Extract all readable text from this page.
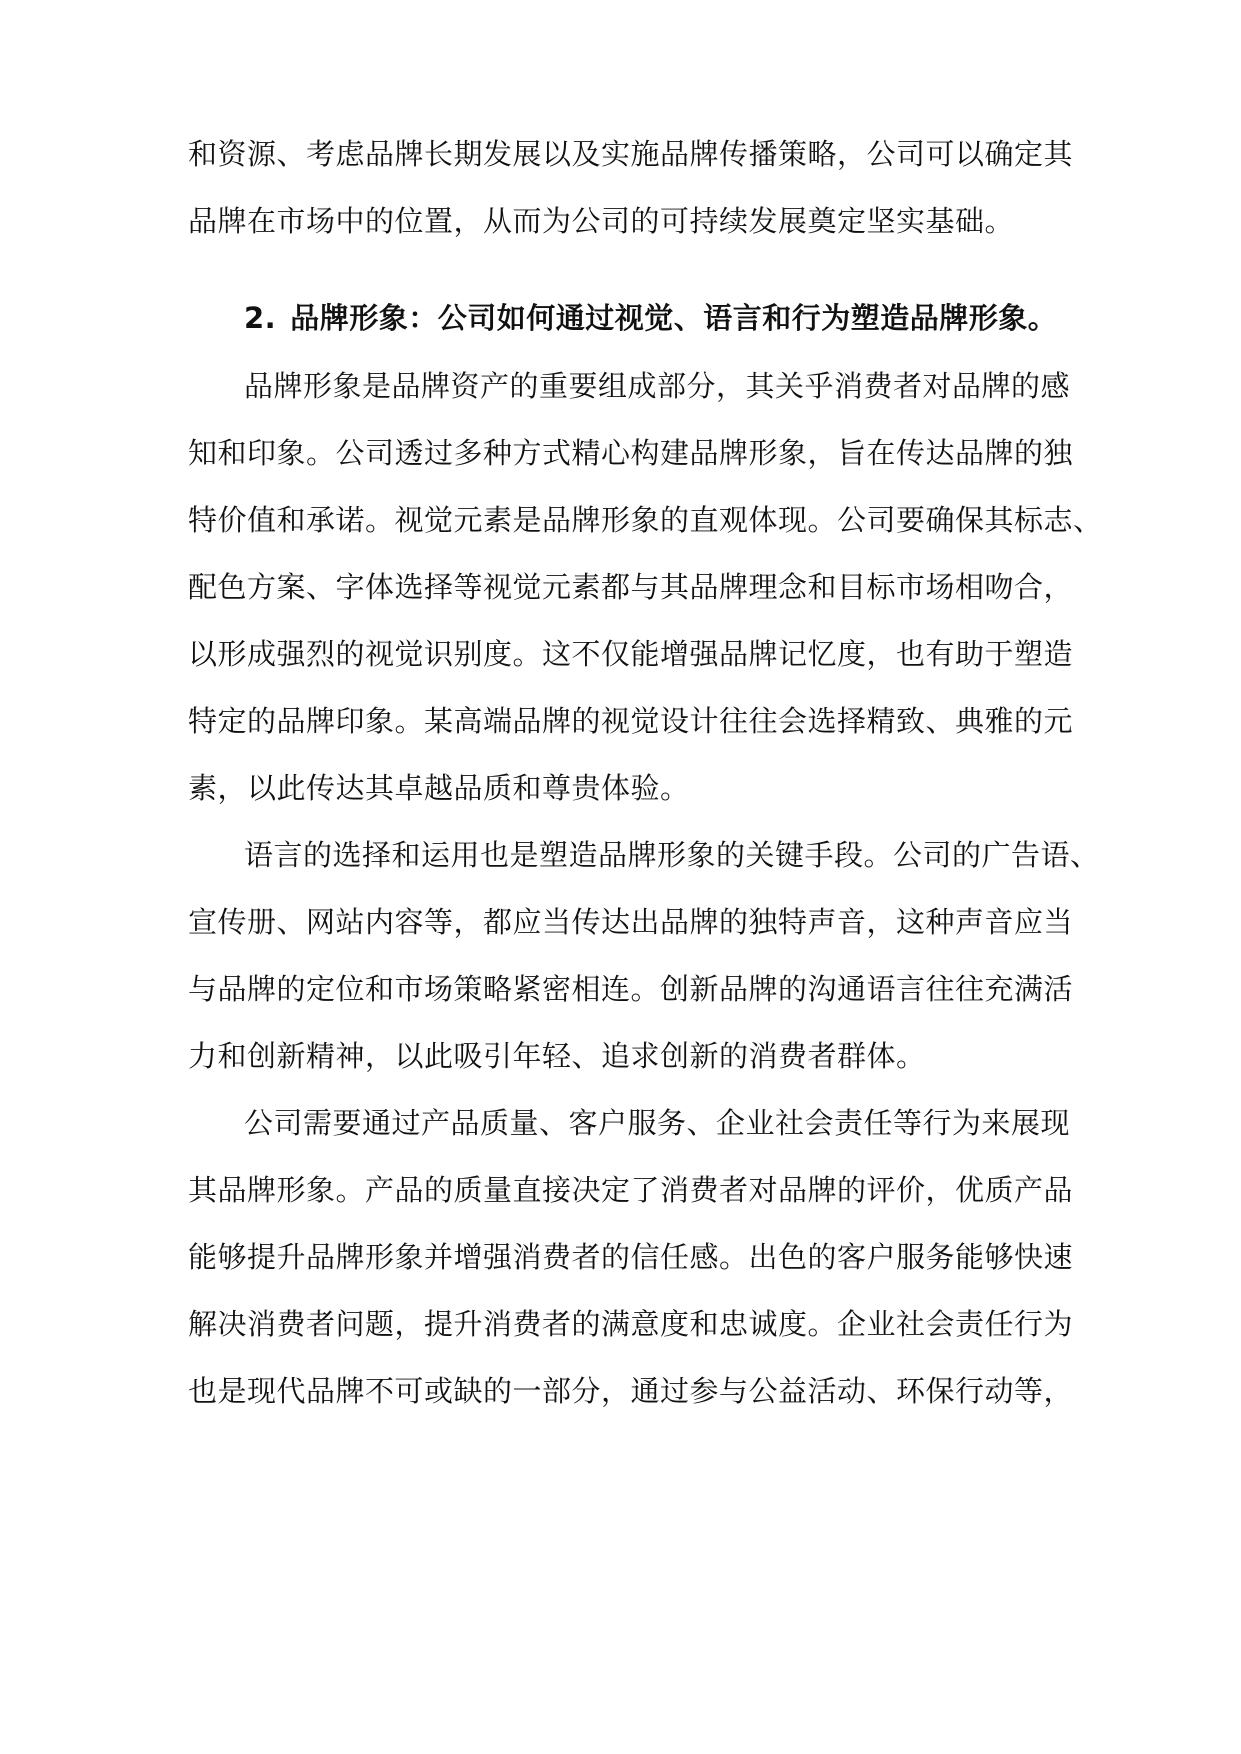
和资源、考虑品牌长期发展以及实施品牌传播策略，公司可以确定其
品牌在市场中的位置，从而为公司的可持续发展奠定坚实基础。
2. 品牌形象：公司如何通过视觉、语言和行为塑造品牌形象。
品牌形象是品牌资产的重要组成部分，其关乎消费者对品牌的感
知和印象。公司透过多种方式精心构建品牌形象，旨在传达品牌的独
特价值和承诺。视觉元素是品牌形象的直观体现。公司要确保其标志、
配色方案、字体选择等视觉元素都与其品牌理念和目标市场相吻合，
以形成强烈的视觉识别度。这不仅能增强品牌记忆度，也有助于塑造
特定的品牌印象。某高端品牌的视觉设计往往会选择精致、典雅的元
素，以此传达其卓越品质和尊贵体验。
语言的选择和运用也是塑造品牌形象的关键手段。公司的广告语、
宣传册、网站内容等，都应当传达出品牌的独特声音，这种声音应当
与品牌的定位和市场策略紧密相连。创新品牌的沟通语言往往充满活
力和创新精神，以此吸引年轻、追求创新的消费者群体。
公司需要通过产品质量、客户服务、企业社会责任等行为来展现
其品牌形象。产品的质量直接决定了消费者对品牌的评价，优质产品
能够提升品牌形象并增强消费者的信任感。出色的客户服务能够快速
解决消费者问题，提升消费者的满意度和忠诚度。企业社会责任行为
也是现代品牌不可或缺的一部分，通过参与公益活动、环保行动等，
